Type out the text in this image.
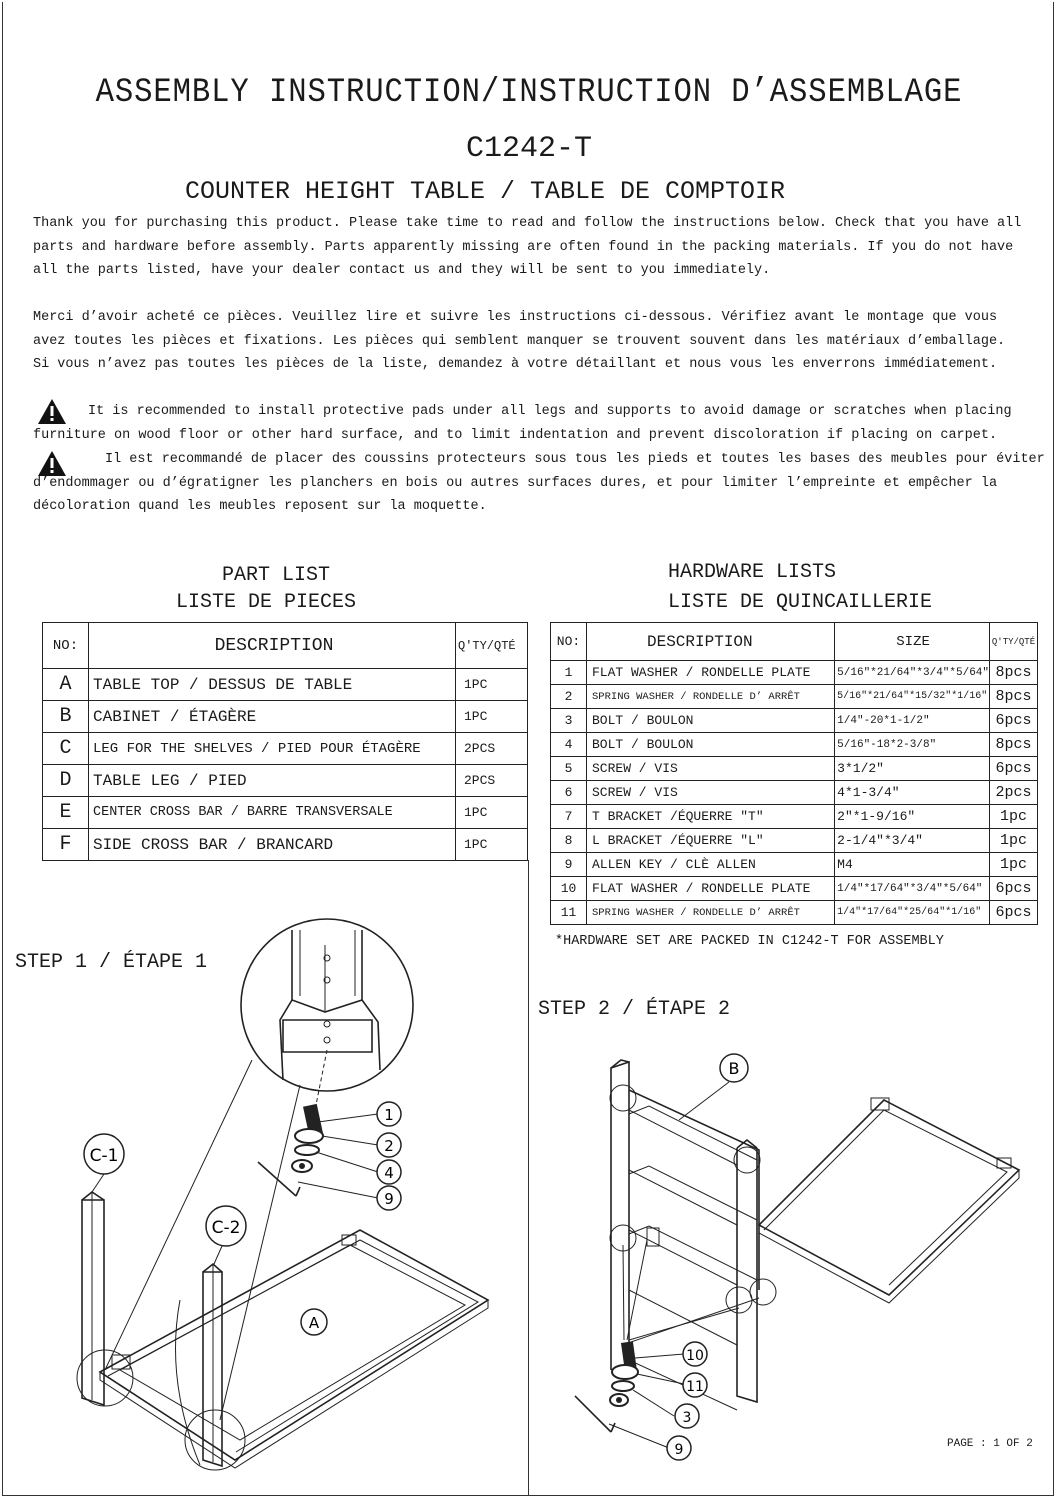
ASSEMBLY INSTRUCTION/INSTRUCTION D’ASSEMBLAGE
C1242-T
COUNTER HEIGHT TABLE / TABLE DE COMPTOIR
Thank you for purchasing this product. Please take time to read and follow the instructions below. Check that you have all parts and hardware before assembly. Parts apparently missing are often found in the packing materials. If you do not have all the parts listed, have your dealer contact us and they will be sent to you immediately.
Merci d’avoir acheté ce pièces. Veuillez lire et suivre les instructions ci-dessous. Vérifiez avant le montage que vous avez toutes les pièces et fixations. Les pièces qui semblent manquer se trouvent souvent dans les matériaux d’emballage. Si vous n’avez pas toutes les pièces de la liste, demandez à votre détaillant et nous vous les enverrons immédiatement.
It is recommended to install protective pads under all legs and supports to avoid damage or scratches when placing furniture on wood floor or other hard surface, and to limit indentation and prevent discoloration if placing on carpet.
Il est recommandé de placer des coussins protecteurs sous tous les pieds et toutes les bases des meubles pour éviter d’endommager ou d’égratigner les planchers en bois ou autres surfaces dures, et pour limiter l’empreinte et empêcher la décoloration quand les meubles reposent sur la moquette.
PART LIST
LISTE DE PIECES
NO:	DESCRIPTION	Q'TY/QTÉ
A	TABLE TOP / DESSUS DE TABLE	1PC
B	CABINET / ÉTAGÈRE	1PC
C	LEG FOR THE SHELVES / PIED POUR ÉTAGÈRE	2PCS
D	TABLE LEG / PIED	2PCS
E	CENTER CROSS BAR / BARRE TRANSVERSALE	1PC
F	SIDE CROSS BAR / BRANCARD	1PC
HARDWARE LISTS
LISTE DE QUINCAILLERIE
NO:	DESCRIPTION	SIZE	Q'TY/QTÉ
1	FLAT WASHER / RONDELLE PLATE	5/16"*21/64"*3/4"*5/64"	8pcs
2	SPRING WASHER / RONDELLE D’ ARRÊT	5/16"*21/64"*15/32"*1/16"	8pcs
3	BOLT / BOULON	1/4"-20*1-1/2"	6pcs
4	BOLT / BOULON	5/16"-18*2-3/8"	8pcs
5	SCREW / VIS	3*1/2"	6pcs
6	SCREW / VIS	4*1-3/4"	2pcs
7	T BRACKET /ÉQUERRE "T"	2"*1-9/16"	1pc
8	L BRACKET /ÉQUERRE "L"	2-1/4"*3/4"	1pc
9	ALLEN KEY / CLÈ ALLEN	M4	1pc
10	FLAT WASHER / RONDELLE PLATE	1/4"*17/64"*3/4"*5/64"	6pcs
11	SPRING WASHER / RONDELLE D’ ARRÊT	1/4"*17/64"*25/64"*1/16"	6pcs
*HARDWARE SET ARE PACKED IN C1242-T FOR ASSEMBLY
STEP 1 / ÉTAPE 1
C-1
C-2
A
1
2
4
9
STEP 2 / ÉTAPE 2
B
10
11
3
9	PAGE : 1 OF 2
